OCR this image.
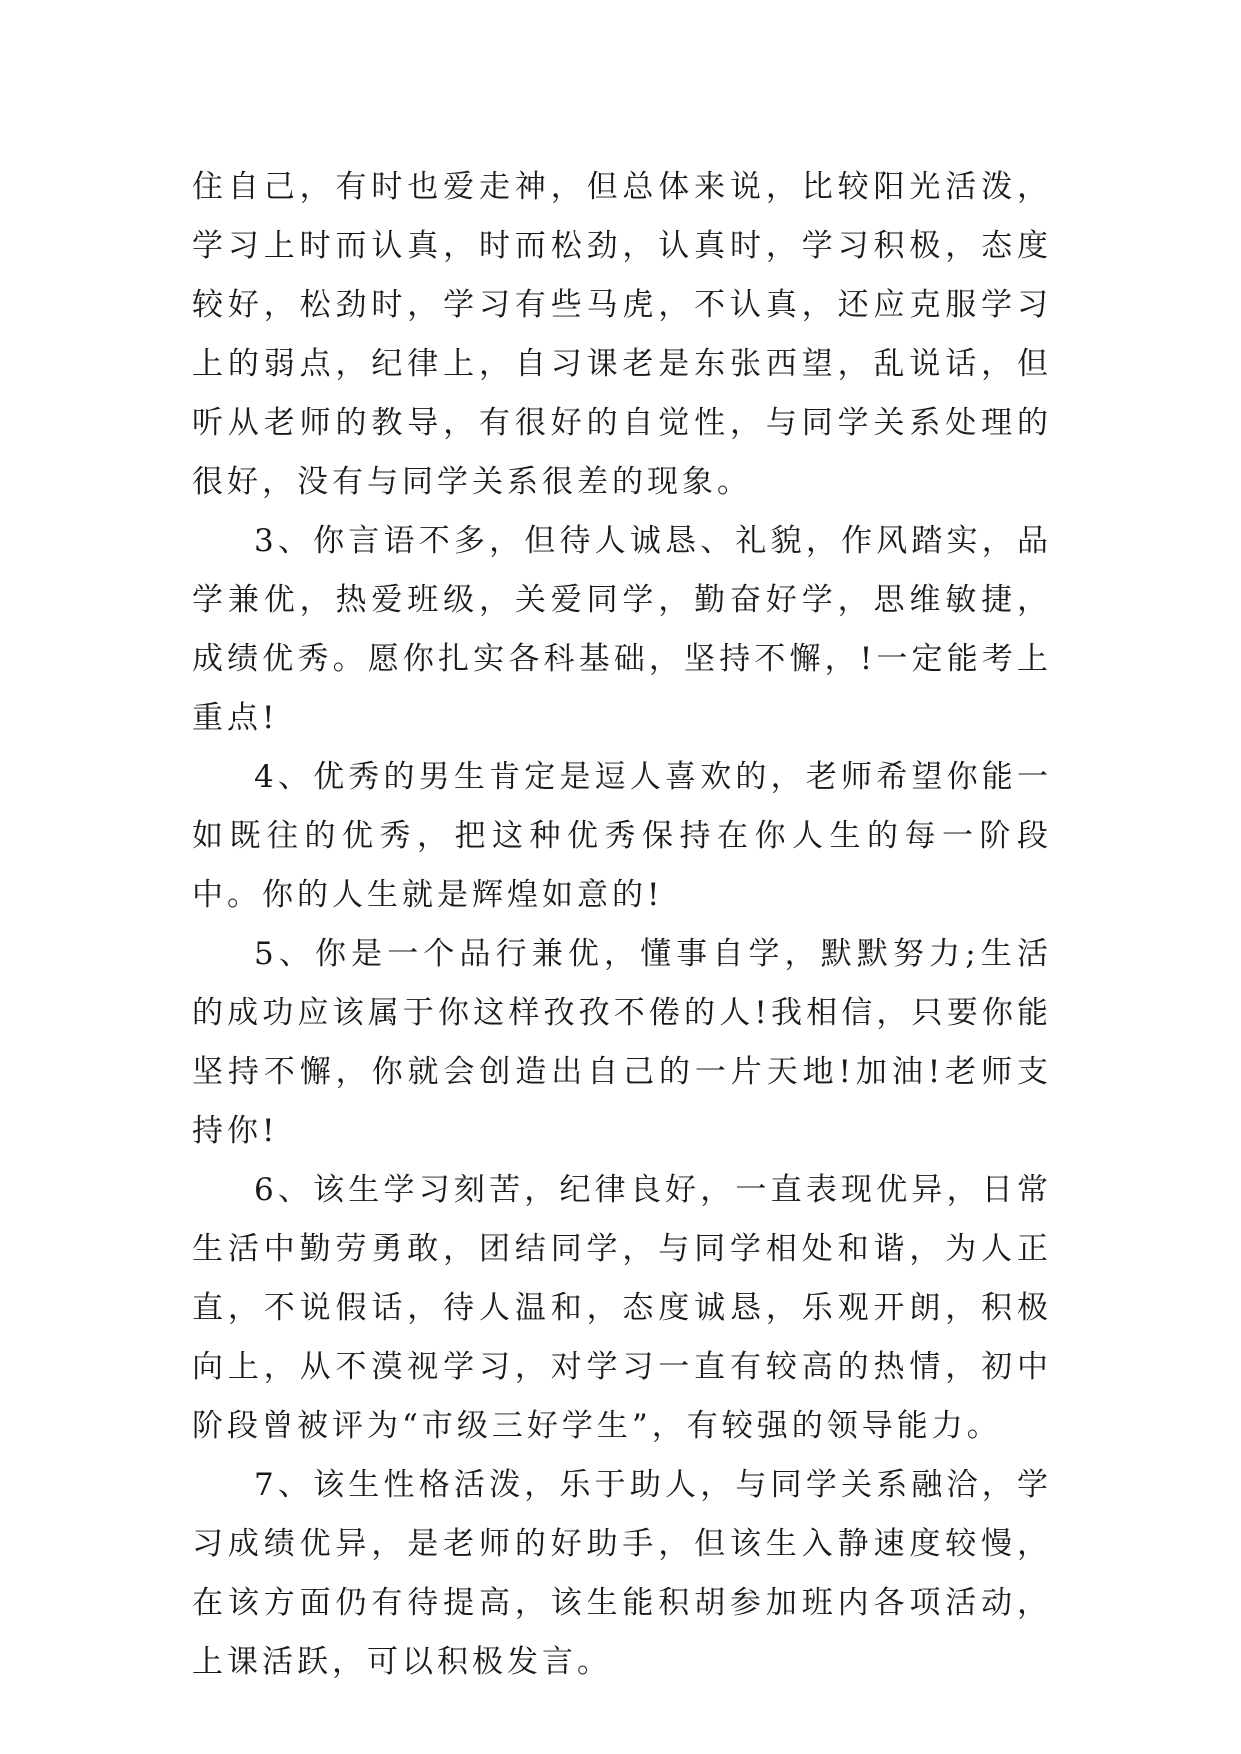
住自己，有时也爱走神，但总体来说，比较阳光活泼，学习上时而认真，时而松劲，认真时，学习积极，态度较好，松劲时，学习有些马虎，不认真，还应克服学习上的弱点，纪律上，自习课老是东张西望，乱说话，但听从老师的教导，有很好的自觉性，与同学关系处理的很好，没有与同学关系很差的现象。

3、你言语不多，但待人诚恳、礼貌，作风踏实，品学兼优，热爱班级，关爱同学，勤奋好学，思维敏捷，成绩优秀。愿你扎实各科基础，坚持不懈，!一定能考上重点!

4、优秀的男生肯定是逗人喜欢的，老师希望你能一如既往的优秀，把这种优秀保持在你人生的每一阶段中。你的人生就是辉煌如意的!

5、你是一个品行兼优，懂事自学，默默努力;生活的成功应该属于你这样孜孜不倦的人!我相信，只要你能坚持不懈，你就会创造出自己的一片天地!加油!老师支持你!

6、该生学习刻苦，纪律良好，一直表现优异，日常生活中勤劳勇敢，团结同学，与同学相处和谐，为人正直，不说假话，待人温和，态度诚恳，乐观开朗，积极向上，从不漠视学习，对学习一直有较高的热情，初中阶段曾被评为“市级三好学生”，有较强的领导能力。

7、该生性格活泼，乐于助人，与同学关系融洽，学习成绩优异，是老师的好助手，但该生入静速度较慢，在该方面仍有待提高，该生能积胡参加班内各项活动，上课活跃，可以积极发言。
